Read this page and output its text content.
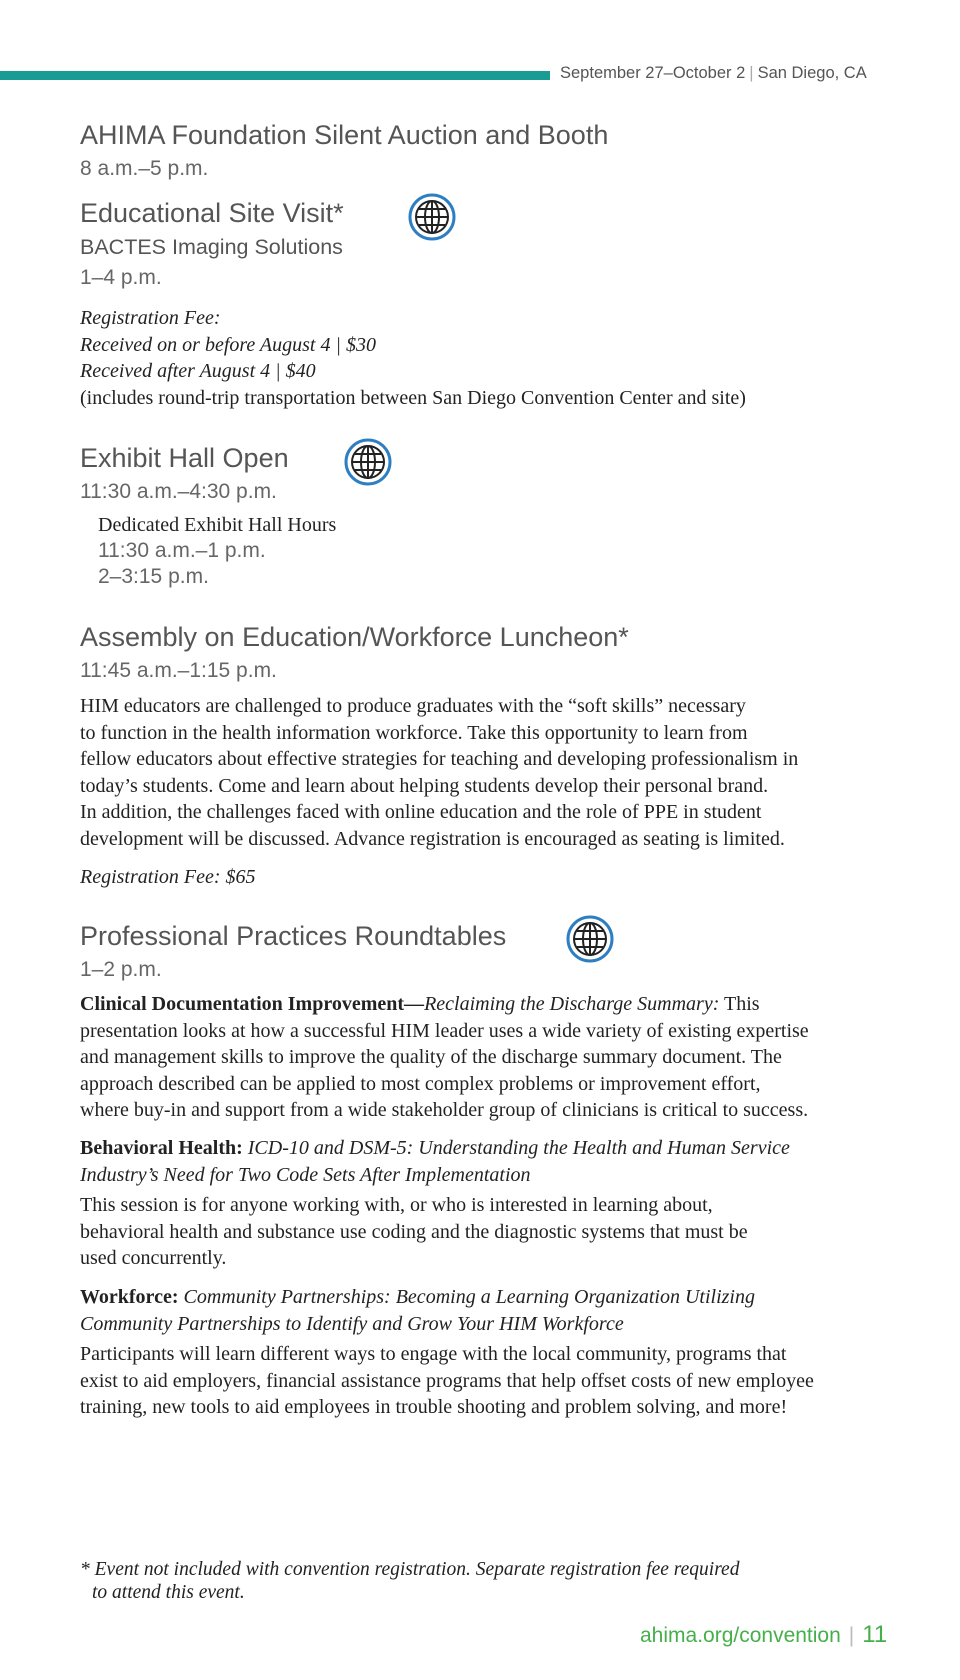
September 27–October 2 | San Diego, CA
AHIMA Foundation Silent Auction and Booth
8 a.m.–5 p.m.
Educational Site Visit*
BACTES Imaging Solutions
1–4 p.m.
Registration Fee:
Received on or before August 4 | $30
Received after August 4 | $40
(includes round-trip transportation between San Diego Convention Center and site)
Exhibit Hall Open
11:30 a.m.–4:30 p.m.
Dedicated Exhibit Hall Hours
11:30 a.m.–1 p.m.
2–3:15 p.m.
Assembly on Education/Workforce Luncheon*
11:45 a.m.–1:15 p.m.
HIM educators are challenged to produce graduates with the “soft skills” necessary
to function in the health information workforce. Take this opportunity to learn from
fellow educators about effective strategies for teaching and developing professionalism in
today’s students. Come and learn about helping students develop their personal brand.
In addition, the challenges faced with online education and the role of PPE in student
development will be discussed. Advance registration is encouraged as seating is limited.
Registration Fee: $65
Professional Practices Roundtables
1–2 p.m.
Clinical Documentation Improvement—Reclaiming the Discharge Summary: This
presentation looks at how a successful HIM leader uses a wide variety of existing expertise
and management skills to improve the quality of the discharge summary document. The
approach described can be applied to most complex problems or improvement effort,
where buy-in and support from a wide stakeholder group of clinicians is critical to success.
Behavioral Health: ICD-10 and DSM-5: Understanding the Health and Human Service
Industry’s Need for Two Code Sets After Implementation
This session is for anyone working with, or who is interested in learning about,
behavioral health and substance use coding and the diagnostic systems that must be
used concurrently.
Workforce: Community Partnerships: Becoming a Learning Organization Utilizing
Community Partnerships to Identify and Grow Your HIM Workforce
Participants will learn different ways to engage with the local community, programs that
exist to aid employers, financial assistance programs that help offset costs of new employee
training, new tools to aid employees in trouble shooting and problem solving, and more!
* Event not included with convention registration. Separate registration fee required
to attend this event.
ahima.org/convention | 11
